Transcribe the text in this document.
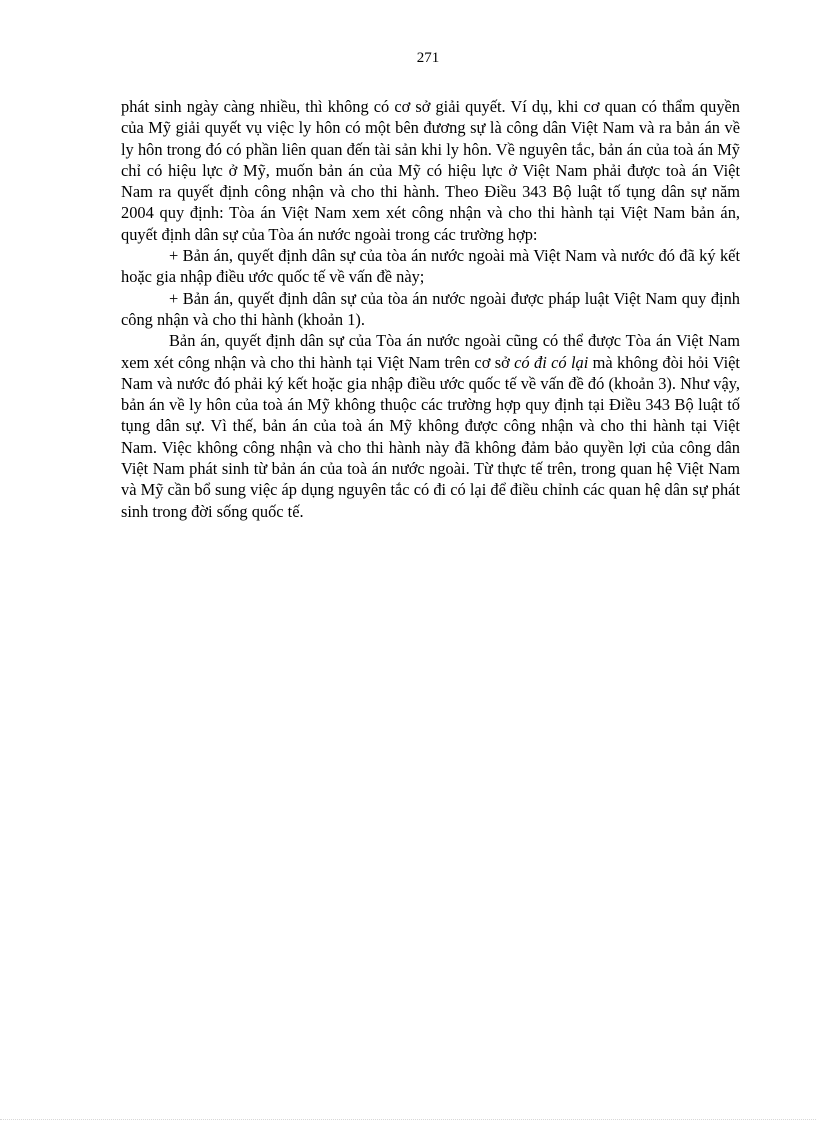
271

phát sinh ngày càng nhiều, thì không có cơ sở giải quyết. Ví dụ, khi cơ quan có thẩm quyền của Mỹ giải quyết vụ việc ly hôn có một bên đương sự là công dân Việt Nam và ra bản án về ly hôn trong đó có phần liên quan đến tài sản khi ly hôn. Về nguyên tắc, bản án của toà án Mỹ chỉ có hiệu lực ở Mỹ, muốn bản án của Mỹ có hiệu lực ở Việt Nam phải được toà án Việt Nam ra quyết định công nhận và cho thi hành. Theo Điều 343 Bộ luật tố tụng dân sự năm 2004 quy định: Tòa án Việt Nam xem xét công nhận và cho thi hành tại Việt Nam bản án, quyết định dân sự của Tòa án nước ngoài trong các trường hợp:

+ Bản án, quyết định dân sự của tòa án nước ngoài mà Việt Nam và nước đó đã ký kết hoặc gia nhập điều ước quốc tế về vấn đề này;

+ Bản án, quyết định dân sự của tòa án nước ngoài được pháp luật Việt Nam quy định công nhận và cho thi hành (khoản 1).

Bản án, quyết định dân sự của Tòa án nước ngoài cũng có thể được Tòa án Việt Nam xem xét công nhận và cho thi hành tại Việt Nam trên cơ sở có đi có lại mà không đòi hỏi Việt Nam và nước đó phải ký kết hoặc gia nhập điều ước quốc tế về vấn đề đó (khoản 3). Như vậy, bản án về ly hôn của toà án Mỹ không thuộc các trường hợp quy định tại Điều 343 Bộ luật tố tụng dân sự. Vì thế, bản án của toà án Mỹ không được công nhận và cho thi hành tại Việt Nam. Việc không công nhận và cho thi hành này đã không đảm bảo quyền lợi của công dân Việt Nam phát sinh từ bản án của toà án nước ngoài. Từ thực tế trên, trong quan hệ Việt Nam và Mỹ cần bổ sung việc áp dụng nguyên tắc có đi có lại để điều chỉnh các quan hệ dân sự phát sinh trong đời sống quốc tế.
